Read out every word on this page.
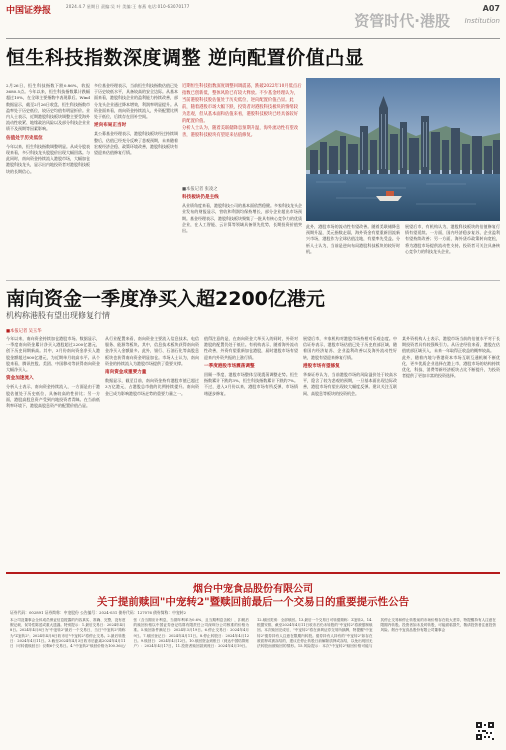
中国证券报	2024.4.7 星期日 责编:吴 叶 美编:王 春燕 电话:010-63070177
资管时代·港股
A07
Institution
恒生科技指数深度调整 逆向配置价值凸显
2月26日，恒生科技指数下跌0.86%，收报3680.5点。今年以来，恒生科技指数累计跌幅超过10%，在全球主要指数中表现靠后。Wind数据显示，截至2月26日收盘，恒生科技指数市盈率处于历史低位，较历史均值有明显折价。业内人士表示，近期港股科技板块调整主要受海外流动性收紧、地缘政治风险以及部分科技企业业绩不及预期等因素影响。
估值处于历史低位
今年以来，恒生科技指数调整明显。从成分股表现来看，多只科技龙头股股价出现大幅回落。与此同时，南向资金持续流入港股市场，大幅加仓港股科技龙头，显示出内地投资者对港股科技板块的长期信心。
多位基金经理表示，当前恒生科技指数估值已处于历史较低水平，具备较高的安全边际。从基本面来看，港股科技企业的盈利能力持续改善，部分龙头企业通过降本增效，利润率明显提升。从资金面来看，南向资金持续流入，外资配置比例处于低位，后续存在回补空间。
逆向布局正当时
某公募基金经理表示，港股科技板块经过持续调整后，估值已经充分反映了悲观预期，未来随着宏观经济企稳、政策环境改善，港股科技板块有望迎来估值修复行情。
近期恒生科技指数深度调整回调震荡，跌破2022年10月低点后指数已创新低，整体风险已有较大释放。不少基金经理认为，当前港股科技股估值处于历史低位，逆向配置价值凸显。此前，随着港股市场大幅下跌，投资者对港股科技板块的情绪较为悲观，但从基本面和估值来看，港股科技板块已经具备较好的配置价值。
分析人士认为，随着美联储降息预期升温，海外流动性有望改善，港股科技板块有望迎来估值修复。
■本报记者 张凌之
科技板块仍是主线
从业绩角度来看，港股科技公司的基本面依然稳健。多家科技龙头企业发布的财报显示，营收和利润均保持增长，部分企业超出市场预期。基金经理表示，港股科技板块聚集了一批具有核心竞争力的优质企业，在人工智能、云计算等领域具备领先优势，长期投资价值突出。
此外，港股市场的流动性有望改善。随着美联储降息预期升温，美元指数走弱，海外资金有望重新回流新兴市场，港股作为全球估值洼地，有望率先受益。分析人士认为，当前是逆向布局港股科技板块的较好时机。
展望后市，有机构认为，港股科技板块的估值修复行情有望延续。一方面，国内经济稳步复苏，企业盈利有望持续改善；另一方面，海外货币政策转向宽松，将为港股市场提供流动性支持。投资者可关注具备核心竞争力的科技龙头企业。
南向资金一季度净买入超2200亿港元
机构称港股有望出现修复行情
■本报记者 吴玉华
今年以来，南向资金持续加仓港股市场。数据显示，一季度南向资金累计净买入港股超过2200亿港元，创下历史同期新高。其中，3月份南向资金净买入港股金额超过800亿港元，为近期单月较高水平。从个股来看，腾讯控股、美团、中国移动等获得南向资金大幅净买入。
资金加速流入
分析人士表示，南向资金持续流入，一方面是由于港股估值处于历史低位，具备较高的性价比；另一方面，港股高股息资产受到内地投资者青睐。在当前低利率环境下，港股高股息资产的配置价值凸显。
从行业配置来看，南向资金主要流入信息技术、电信服务、能源等板块。其中，信息技术板块获得南向资金净买入金额最多。此外，银行、石油石化等高股息板块也获得南向资金明显加仓。市场人士认为，南向资金的持续流入为港股市场提供了重要支撑。
南向资金成重要力量
数据显示，截至目前，南向资金持有港股市值已超过3万亿港元，占港股总市值的比例持续提升。南向资金已成为影响港股市场走势的重要力量之一。
值得注意的是，在南向资金大举买入的同时，外资对港股的配置仍处于低位。有机构表示，随着海外流动性改善，外资有望重新加仓港股，届时港股市场有望迎来内外资共振的上涨行情。
一季度港股市场震荡调整
回顾一季度，港股市场整体呈现震荡调整走势。恒生指数累计下跌约3%，恒生科技指数累计下跌约7%。不过，进入3月份以来，港股市场有所反弹，市场情绪逐步修复。
展望后市，多家机构对港股市场持相对乐观态度。中信证券表示，港股市场估值已处于历史底部区域，随着国内经济复苏、企业盈利改善以及海外流动性好转，港股有望迎来修复行情。
港股市场有望修复
华泰证券认为，当前港股市场的风险溢价处于较高水平，隐含了较为悲观的预期，一旦基本面出现边际改善，港股市场有望出现较大幅度反弹。建议关注互联网、高股息等板块的投资机会。
某外资机构人士表示，港股市场当前的估值水平对于长期投资者具有较强吸引力。从历史经验来看，港股在估值底部区域买入，未来一年取得正收益的概率较高。
此外，随着内地与香港资本市场互联互通机制不断优化，更多优质企业选择在港上市，港股市场的结构持续优化，科技、消费等新经济板块占比不断提升，为投资者提供了更加丰富的投资选择。
烟台中宠食品股份有限公司
关于提前赎回"中宠转2"暨赎回前最后一个交易日的重要提示性公告
证券代码：002891 证券简称：中宠股份 公告编号：2024-031 债券代码：127076 债券简称：中宠转2
本公司及董事会全体成员保证信息披露的内容真实、准确、完整，没有虚假记载、误导性陈述或重大遗漏。特别提示：1.最后交易日：2024年4月8日。2024年4月8日为"中宠转2"最后一个交易日，当日"中宠转2"简称为"Z宠转2"；2024年4月8日收市后"中宠转2"将停止交易。2.最后转股日：2024年4月11日。3.截至2024年4月3日收市后距离2024年4月11日（可转债赎回日）仅剩6个交易日。4."中宠转2"赎回价格为100.36元/张（含当期应计利息，当期年利率为0.6%，且当期利息含税），扣税后的赎回价格以中国证券登记结算有限责任公司深圳分公司核准的价格为准。5.赎回条件满足日：2024年3月19日。6.停止交易日：2024年4月9日。7.赎回登记日：2024年4月11日。8.停止转股日：2024年4月12日。9.赎回日：2024年4月12日。10.赎回资金到账日（到达中国结算账户）：2024年4月17日。11.投资者赎回款到账日：2024年4月19日。12.赎回类别：全部赎回。13.最后一个交易日可转债简称：Z宠转2。14.根据安排，截至2024年4月11日收市后仍未转股的"中宠转2"将被强制赎回。本次赎回完成后，"中宠转2"将在深圳证券交易所摘牌，特提醒"中宠转2"债券持有人注意在限期内转股。债券持有人持有的"中宠转2"如存在被质押或被冻结的，建议在停止转股日前解除质押或冻结，以免出现因无法转股而被赎回的情形。15.风险提示：本次"中宠转2"赎回价格可能与其停止交易和停止转股前的市场价格存在较大差异，特提醒持有人注意在限期内转股。投资者如未及时转股，可能面临损失，敬请投资者注意投资风险。烟台中宠食品股份有限公司董事会
